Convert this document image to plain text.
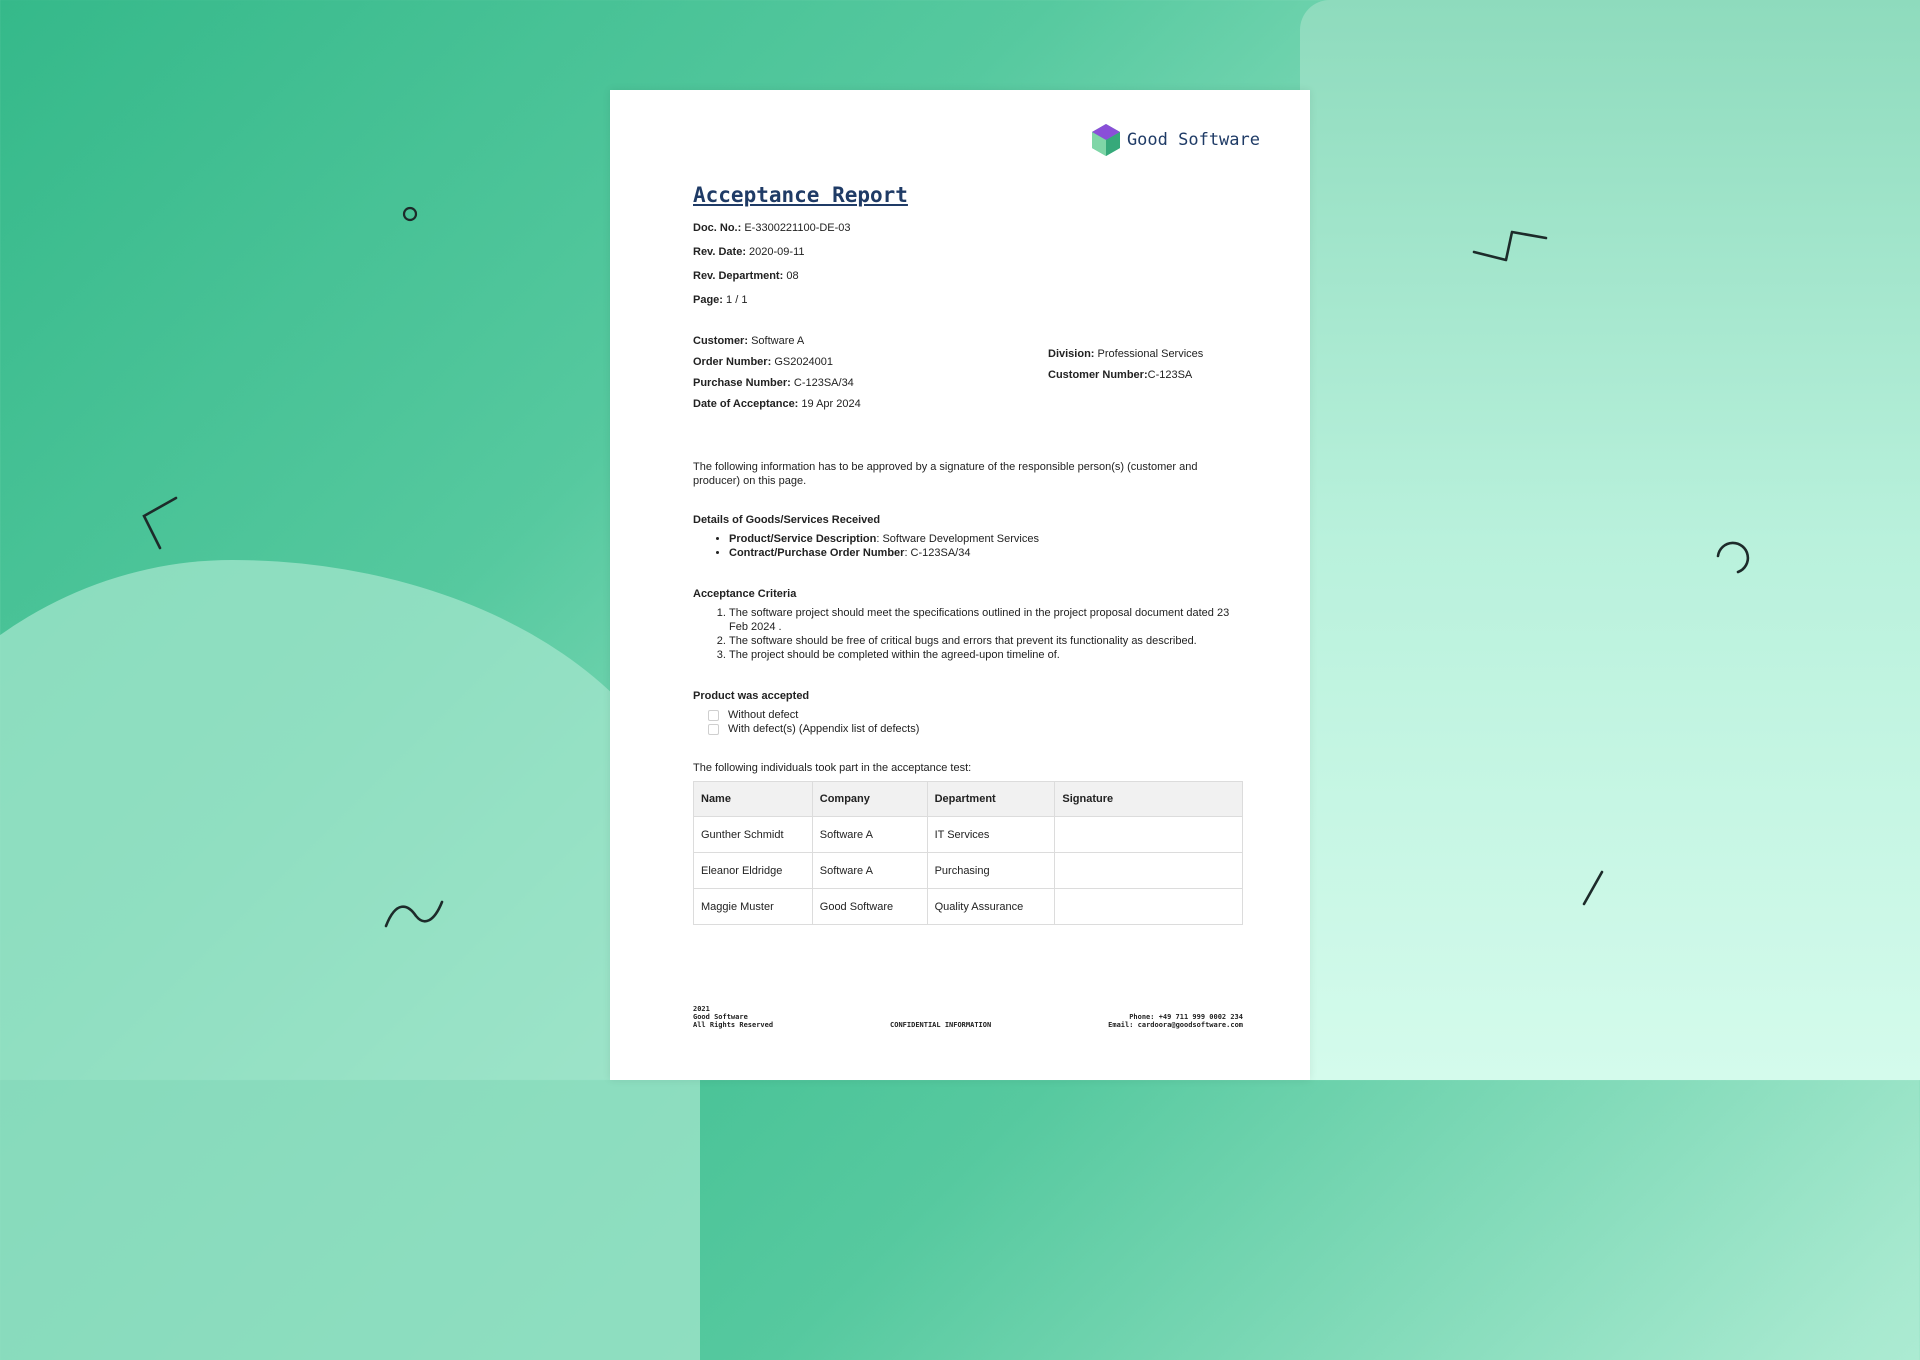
Good Software
Acceptance Report
Doc. No.: E-3300221100-DE-03
Rev. Date: 2020-09-11
Rev. Department: 08
Page: 1 / 1
Customer: Software A
Order Number: GS2024001
Purchase Number: C-123SA/34
Date of Acceptance: 19 Apr 2024
Division: Professional Services
Customer Number:C-123SA

The following information has to be approved by a signature of the responsible person(s) (customer and producer) on this page.

Details of Goods/Services Received
• Product/Service Description: Software Development Services
• Contract/Purchase Order Number: C-123SA/34
Acceptance Criteria
1. The software project should meet the specifications outlined in the project proposal document dated 23 Feb 2024 .
2. The software should be free of critical bugs and errors that prevent its functionality as described.
3. The project should be completed within the agreed-upon timeline of.
Product was accepted
Without defect
With defect(s) (Appendix list of defects)

The following individuals took part in the acceptance test:

Name	Company	Department	Signature
Gunther Schmidt	Software A	IT Services	
Eleanor Eldridge	Software A	Purchasing	
Maggie Muster	Good Software	Quality Assurance	
2021
Good Software
All Rights Reserved	CONFIDENTIAL INFORMATION
Phone: +49 711 999 0002 234
Email: cardoora@goodsoftware.com
